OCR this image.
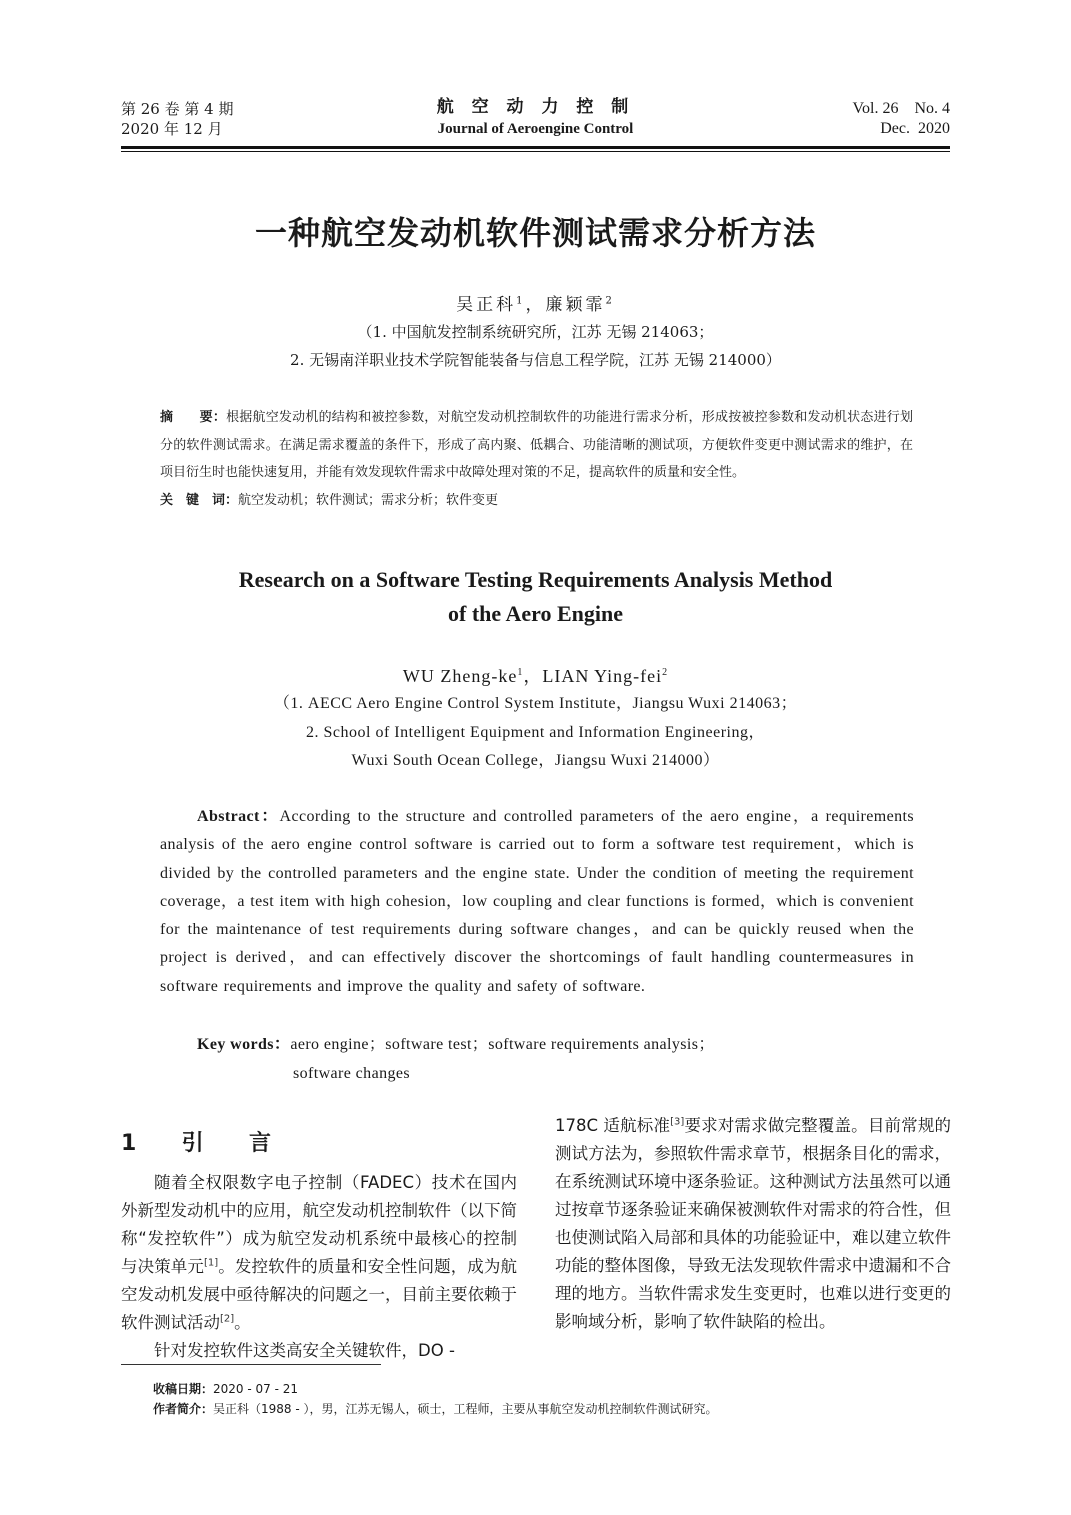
第 26 卷 第 4 期
2020 年 12 月
航 空 动 力 控 制
Journal of Aeroengine Control
Vol. 26    No. 4
Dec.  2020
一种航空发动机软件测试需求分析方法
吴正科$^1$，廉颖霏$^2$
（1. 中国航发控制系统研究所，江苏 无锡 214063；
2. 无锡南洋职业技术学院智能装备与信息工程学院，江苏 无锡 214000）
摘　　要：根据航空发动机的结构和被控参数，对航空发动机控制软件的功能进行需求分析，形成按被控参数和发动机状态进行划分的软件测试需求。在满足需求覆盖的条件下，形成了高内聚、低耦合、功能清晰的测试项，方便软件变更中测试需求的维护，在项目衍生时也能快速复用，并能有效发现软件需求中故障处理对策的不足，提高软件的质量和安全性。
关　键　词：航空发动机；软件测试；需求分析；软件变更
Research on a Software Testing Requirements Analysis Method
of the Aero Engine
WU Zheng-$ke^1$，LIAN Ying-fei$^2$
（1. AECC Aero Engine Control System Institute，Jiangsu Wuxi 214063；
2. School of Intelligent Equipment and Information Engineering，
Wuxi South Ocean College，Jiangsu Wuxi 214000）
Abstract：According to the structure and controlled parameters of the aero engine，a requirements analysis of the aero engine control software is carried out to form a software test requirement，which is divided by the controlled parameters and the engine state. Under the condition of meeting the requirement coverage，a test item with high cohesion，low coupling and clear functions is formed，which is convenient for the maintenance of test requirements during software changes，and can be quickly reused when the project is derived，and can effectively discover the shortcomings of fault handling countermeasures in software requirements and improve the quality and safety of software.
Key words：aero engine；software test；software requirements analysis；
software changes
1  引  言

随着全权限数字电子控制（FADEC）技术在国内外新型发动机中的应用，航空发动机控制软件（以下简称“发控软件”）成为航空发动机系统中最核心的控制与决策单元[1]。发控软件的质量和安全性问题，成为航空发动机发展中亟待解决的问题之一，目前主要依赖于软件测试活动[2]。

针对发控软件这类高安全关键软件，DO -

178C 适航标准[3]要求对需求做完整覆盖。目前常规的测试方法为，参照软件需求章节，根据条目化的需求，在系统测试环境中逐条验证。这种测试方法虽然可以通过按章节逐条验证来确保被测软件对需求的符合性，但也使测试陷入局部和具体的功能验证中，难以建立软件功能的整体图像，导致无法发现软件需求中遗漏和不合理的地方。当软件需求发生变更时，也难以进行变更的影响域分析，影响了软件缺陷的检出。

收稿日期：2020 - 07 - 21
作者简介：吴正科（1988 - ），男，江苏无锡人，硕士，工程师，主要从事航空发动机控制软件测试研究。
